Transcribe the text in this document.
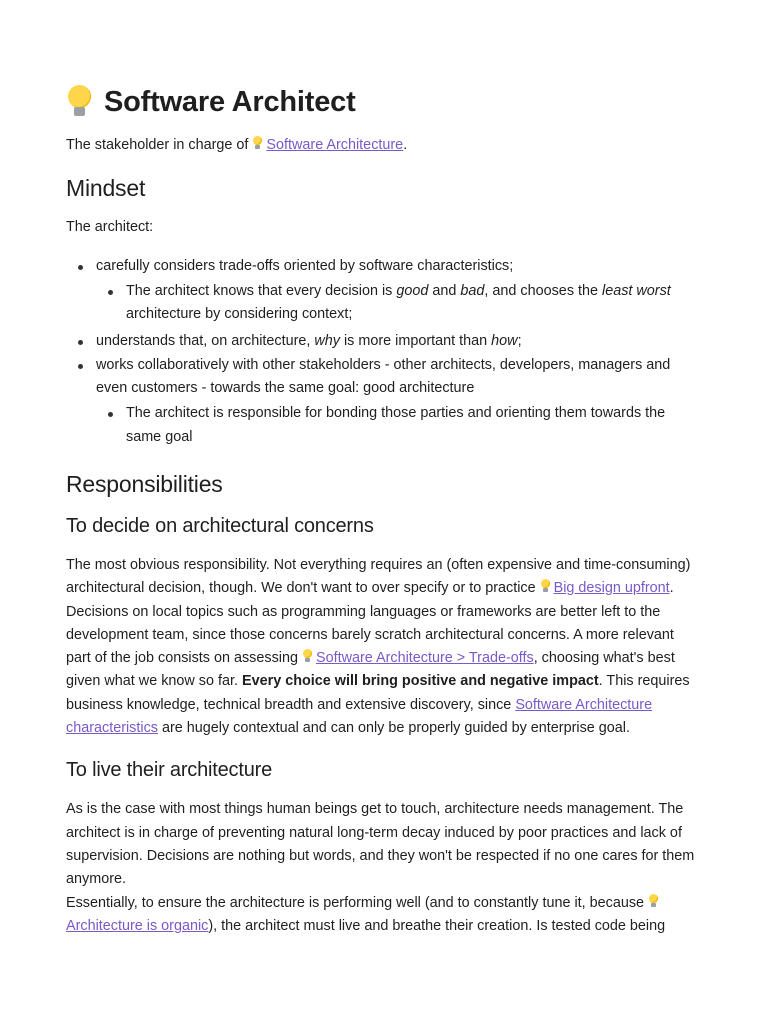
Software Architect

The stakeholder in charge of Software Architecture.

Mindset

The architect:

carefully considers trade-offs oriented by software characteristics;
The architect knows that every decision is good and bad, and chooses the least worst architecture by considering context;
understands that, on architecture, why is more important than how;
works collaboratively with other stakeholders - other architects, developers, managers and even customers - towards the same goal: good architecture
The architect is responsible for bonding those parties and orienting them towards the same goal
Responsibilities
To decide on architectural concerns

The most obvious responsibility. Not everything requires an (often expensive and time-consuming) architectural decision, though. We don't want to over specify or to practice Big design upfront. Decisions on local topics such as programming languages or frameworks are better left to the development team, since those concerns barely scratch architectural concerns. A more relevant part of the job consists on assessing Software Architecture > Trade-offs, choosing what's best given what we know so far. Every choice will bring positive and negative impact. This requires business knowledge, technical breadth and extensive discovery, since Software Architecture characteristics are hugely contextual and can only be properly guided by enterprise goal.

To live their architecture

As is the case with most things human beings get to touch, architecture needs management. The architect is in charge of preventing natural long-term decay induced by poor practices and lack of supervision. Decisions are nothing but words, and they won't be respected if no one cares for them anymore.

Essentially, to ensure the architecture is performing well (and to constantly tune it, because Architecture is organic), the architect must live and breathe their creation. Is tested code being
